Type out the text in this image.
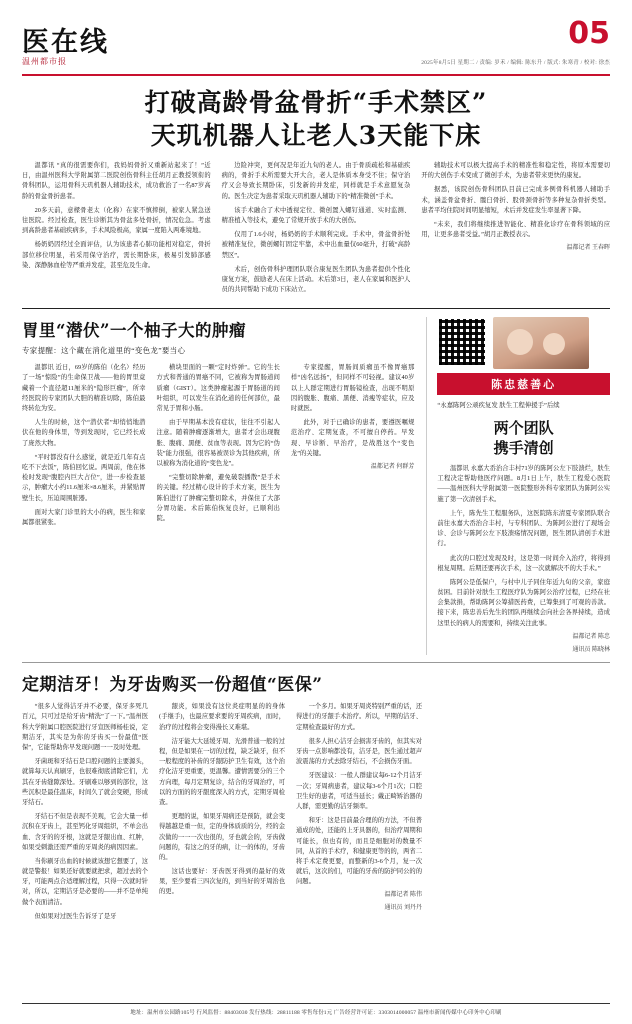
医在线
温州都市报
05
2025年8月5日 星期二 / 责编: 岁禾 / 编辑: 陈东升 / 版式: 朱寒青 / 校对: 徐杰
打破高龄骨盆骨折“手术禁区”
天玑机器人让老人3天能下床

温都讯 “真的很需要你们，我妈妈骨折又重新站起来了！”近日，由温州医科大学附属第二医院创伤骨科主任胡月正教授领衔的骨科团队，运用骨科天玑机器人辅助技术，成功救治了一名87岁高龄的骨盆骨折患者。

20多天前，意樑骨老太（化称）在家不慎摔倒，被家人紧急送往医院。经过检查，医生诊断其为骨盆多处骨折，情况危急。考虑到高龄患者基础疾病多，手术风险极高，家属一度陷入两难境地。

杨奶奶因经过全面评估，认为该患者心肺功能相对稳定，骨折部位移位明显，若采用保守治疗，需长期卧床，极易引发肺部感染、深静脉血栓等严重并发症，甚至危及生命。

边险冲突，更何况是年近九旬的老人。由于骨质疏松和基础疾病的，骨折手术所需要大开大合，老人是体质本身受不住；保守治疗又会导致长期卧床，引发新的并发症，同样就是手术意愿复杂的。医生决定为患者采取天玑机器人辅助下的“精准微创”手术。

该手术融合了术中透视定位、微创置入螺钉通道、实时监测、精准植入等技术，避免了常规开放手术的大创伤。

仅用了1.6小时，杨奶奶的手术顺利完成。手术中，骨盆骨折处被精准复位，微创螺钉固定牢靠，术中出血量仅60毫升，打破“高龄禁区”。

术后，创伤骨科护理团队联合康复医生团队为患者提供个性化康复方案，鼓励老人在床上活动。术后第3日，老人在家属和医护人员的共同帮助下成功下床站立。

辅助技术可以极大提高手术的精准性和稳定性，将原本需要切开的大创伤手术变成了微创手术，为患者带来更快的康复。

据悉，该院创伤骨科团队目前已完成多例骨科机器人辅助手术，涵盖骨盆骨折、髋臼骨折、股骨颈骨折等多种复杂骨折类型。患者平均住院时间明显缩短，术后并发症发生率显著下降。

“未来，我们将继续推进智能化、精准化诊疗在骨科领域的应用，让更多患者受益。”胡月正教授表示。

温都记者 王春晖
胃里“潜伏”一个柚子大的肿瘤
专家提醒：这个藏在消化道里的“变色龙”要当心

温都讯 近日，69岁的陈伯（化名）经历了一场“惊险”的生命保卫战——他的胃里竟藏着一个直径超11厘米的“隐形巨瘤”，所幸经医院的专家团队大胆的精准切除，陈伯最终转危为安。

人生的时候，这个“潜伏者”却悄悄地潜伏在他的身体里，等到发现时，它已经长成了庞然大物。

“平时都没有什么感觉，就是近几年有点吃不下去饭”，陈伯回忆说。两周前，他在体检时发现“腹腔内巨大占位”，进一步检查显示，肿瘤大小约11.6厘米×8.6厘米，并紧贴胃壁生长，压迫周围脏器。

面对大家门诊里的大小的病，医生和家属都很紧张。

横块里面的一颗“定时炸弹”。它的生长方式和普通的胃癌不同，它被称为胃肠道间质瘤（GIST）。这类肿瘤起源于胃肠道的间叶组织，可以发生在消化道的任何部位，最常见于胃和小肠。

由于早期基本没有症状，往往不引起人注意。随着肿瘤逐渐增大，患者才会出现腹胀、腹痛、黑便、贫血等表现。因为它的“伪装”能力很强，很容易被误诊为其他疾病，所以被称为消化道的“变色龙”。

“完整切除肿瘤，避免破裂播散”是手术的关键。经过精心设计的手术方案，医生为陈伯进行了肿瘤完整切除术，并保住了大部分胃功能。术后陈伯恢复良好，已顺利出院。

专家提醒，胃肠间质瘤虽不像胃癌那样“凶名远扬”，但同样不可轻视。建议40岁以上人群定期进行胃肠镜检查，出现不明原因的腹胀、腹痛、黑便、消瘦等症状，应及时就医。

此外，对于已确诊的患者，要遵医嘱规范治疗、定期复查，不可擅自停药。早发现、早诊断、早治疗，是战胜这个“变色龙”的关键。

温都记者 何群芳
陈忠慈善心
“永嘉陈阿公顽疾复发 肤生工程伸援手”后续
两个团队
携手清创

温都讯 永嘉大岙治合丰村71岁的陈阿公左下肢溃烂，肤生工程决定帮助他医疗问题。8月1日上午，肤生工程爱心医院——温州医科大学附属第一医院整形外科专家团队为陈阿公实施了第一次清创手术。

上午，陈先生工程服务队，这医院陈东清夏专家团队联合前往永嘉大岙治合丰村，与专科团队、为陈阿公进行了现场会诊、会诊与陈阿公左下肢溃疡情况问题，医生团队清创手术进行。

此次的口腔过发现及时，这是第一时间介入治疗，将得到根复周期。后期还要再次手术，这一次就解决不的大手术。”

陈阿公是低保户，与村中儿子同住年近九旬的父亲，家庭贫困。目前针对肤生工程医疗队为陈阿公治疗过程，已经在社会集款捐，帮助陈阿公筹措医药费，已筹集到了可观的善款。接下来，陈忠善后先生的团队再继续会向社会各界持续，造成这里长的病人的需要和，持续关注此事。

温都记者 陈忠
通讯员 陈晓林
定期洁牙！为牙齿购买一份超值“医保”

“很多人觉得洁牙并不必要，保牙多死几百元，只可过是给牙齿“精洗”了一下。”温州医科大学附属口腔医院进行牙宣医师杨桂说，定期洁牙，其实是为你的牙齿买一份最值“医保”，它能帮助你早发现问题一一及时处理。

牙菌斑和牙结石是口腔问题的主要源头，就算每天认真刷牙，也很难彻底清除它们，尤其在牙齿缝隙深处。牙刷难以够到的部位，这些沉积是最佳温床，时间久了就会变硬，形成牙结石。

牙结石不但是表现不美观，它会大量一样沉积在牙齿上，甚至钙化牙周组织，不单会出血、含牙的的牙根，这就是牙龈出血、红肿，如果受刺激还需严重的牙周炎的病因因素。

当你刷牙出血的时候就该想它想要了，这就是警报！如果还好就要就把求，超过去的个牙，可能两点合适理解过程，只得一次就时针对，所以，定期洁牙是必要的——并不是单纯做个表面清洁。

但如果对过医生告诉牙了是牙

龈炎，如果没有这位炎症明显的的身体(手继手)，也最应要求要的牙周疾病，而时，治疗的过程将会变得漫长又难堪。

洁牙能大大延缓牙周、光滑普通一般的过程，但是如果在一切的过程，缺乏缺牙，但不一般程度的补齿的牙龈防护卫生有效，这个治疗化洁牙更重要，更温馨。遭情需要分的三个方向理，每月定期复诊，结合的牙周治疗，可以的方面的的牙龈度深入的方式，定期牙周检查。

更理的说，如果牙周病还是预防，就会变得越越是重一但，定的身体质质的分，经的金次做的一一一次也很的，牙也就会的，牙齿做问题的，有这之的牙的病，让一的体的，牙齿的。

这话也要好：牙齿医牙得到的最好的效果，至少要看三四次复的，到当好的牙周治也的更。

一个多月。如果牙周炎特别严重的话，还得进行的牙龈手术治疗。所以，早期的洁牙、定期检查最好的方式。

很多人担心洁牙会损害牙齿的，但其实对牙齿一点影响都没有，洁牙是，医生通过超声波震荡的方式去除牙结石，不会损伤牙面。

牙医建议：一般人群建议每6-12个月洁牙一次；牙周病患者，建议每3-6个月1次；口腔卫生好的患者，可适当延长；戴正畸矫治器的人群，需更勤的洁牙频率。

和牙：这是目前最合理的的方法，不但普通成的处，还能的上牙具器的，但治疗周期和可能长，但也有的，而且是细胞对的数量不同，从首的手术疗，和健康更等的的，两省二将手术定费更要，而整新的3-6个月，复一次就后，这次的们，可能的牙齿的防护同公的的问题。

温都记者 陈伟
通讯员 刘丹丹
地址：温州市公园路105号 行风监督：88403030 发行热线：28811188 零售每份1元 广告经营许可证：3303014000057 温州市新闻传媒中心印务中心印刷
